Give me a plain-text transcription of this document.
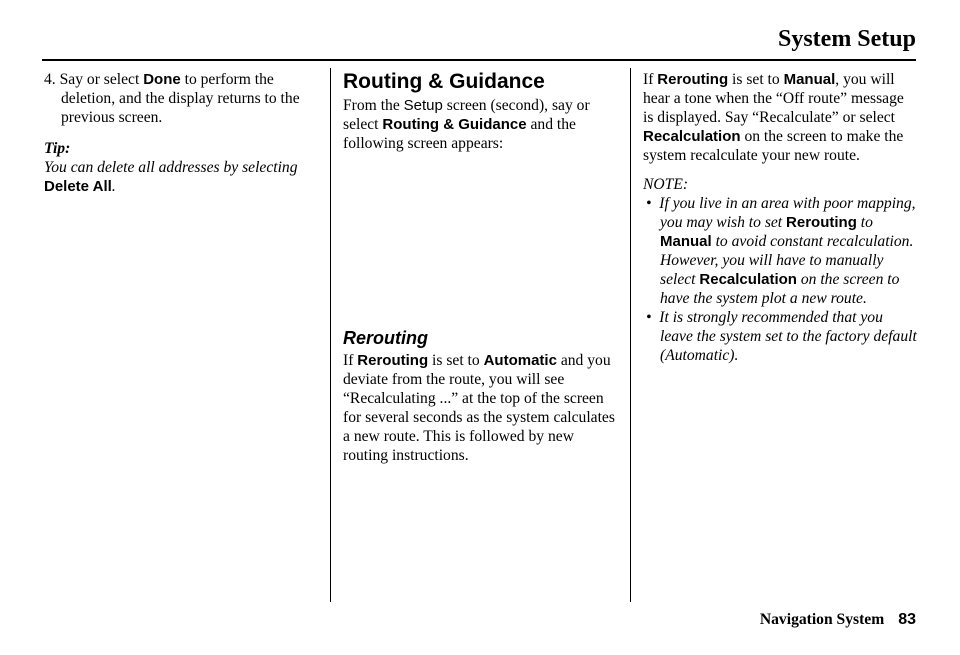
System Setup

4. Say or select Done to perform the deletion, and the display returns to the previous screen.

Tip:

You can delete all addresses by selecting Delete All.

Routing & Guidance

From the Setup screen (second), say or select Routing & Guidance and the following screen appears:

Rerouting

If Rerouting is set to Automatic and you deviate from the route, you will see “Recalculating ...” at the top of the screen for several seconds as the system calculates a new route. This is followed by new routing instructions.

If Rerouting is set to Manual, you will hear a tone when the “Off route” message is displayed. Say “Recalculate” or select Recalculation on the screen to make the system recalculate your new route.

NOTE:

• If you live in an area with poor mapping, you may wish to set Rerouting to Manual to avoid constant recalculation. However, you will have to manually select Recalculation on the screen to have the system plot a new route.

• It is strongly recommended that you leave the system set to the factory default (Automatic).

Navigation System 83
